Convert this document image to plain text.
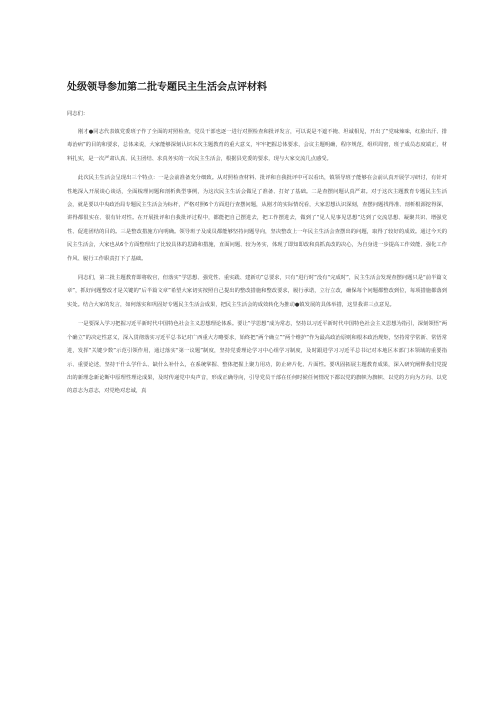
处级领导参加第二批专题民主生活会点评材料

同志们：

刚才●同志代表镇党委班子作了全面的对照检查，党员干部也逐一进行对照检查和批评发言，可以说是不遮不掩、坦诚相见，开出了“党味辣味，红脸出汗、排毒治病”的目的和要求，总体来说，大家能够深刻认识本次主题教育的重大意义，牢牢把握总体要求，会议主题明确，程序规范，组织周密，班子成员态度端正，材料扎实，是一次严肃认真、民主团结、求真务实的一次民主生活会，根据县党委的要求，现与大家交流几点感受。

此次民主生活会呈现出三个特点：一是会前准备充分细致。从对照检查材料、批评和自我批评中可以看出，镇领导班子能够在会前认真开展学习研讨，有针对性地深入开展谈心谈话，全面梳理问题和剖析典型事例，为这次民主生活会做足了准备、打好了基础。二是查摆问题认真严肃。对于这次主题教育专题民主生活会，就是要以中央政治局专题民主生活会为标杆，严格对照6个方面进行查摆问题，从刚才的实际情况看，大家思想认识深刻，查摆问题找得准、剖析根源挖得深，讲得都很实在、很有针对性。在开展批评和自我批评过程中，都能把自己摆进去，把工作摆进去，做到了“见人见事见思想”达到了交流思想、凝聚共识、增强党性、促进团结的目的。三是整改措施方向明确。领导班子及成员都能够坚持问题导向，坚决整改上一年民主生活会查摆出的问题，取得了较好的成效。通过今天的民主生活会，大家也从6个方面整理出了比较具体的思路和措施，直面问题、较为务实，体现了即知即改和真抓真改的决心，为自身进一步提高工作效能、强化工作作风、履行工作职责打下了基础。

同志们，第二批主题教育即将收官，但落实“学思想、强党性、重实践、建新功”总要求，只有“进行时”没有“完成时”，民主生活会发现查摆问题只是“前半篇文章”，抓好问题整改才是关键的“后半篇文章”希望大家切实按照自己提出的整改措施和整改要求，履行承诺，立行立改，确保每个问题都整改到位，每项措施都落到实处。结合大家的发言，如何落实和巩固好专题民主生活会成果，把民主生活会的成效转化为推动●镇发展的具体举措，这里我讲三点意见。

一是要深入学习把握习近平新时代中国特色社会主义思想理论体系。要让“学思想”成为常态，坚持以习近平新时代中国特色社会主义思想为指引，深刻领悟“两个确立”的决定性意义，深入贯彻落实习近平总书记对广西重大方略要求，始终把“两个确立”“两个维护”作为最高政治原则和根本政治规矩，坚持常学常新、常悟常进，发挥“关键少数”示范引领作用，通过落实“第一议题”制度，坚持党委理论学习中心组学习制度，及时跟进学习习近平总书记对本地区本部门本领域的重要指示、重要论述，坚持干什么学什么、缺什么补什么，在系统掌握、整体把握上聚力用功，防止碎片化、片面性。要巩固拓展主题教育成果，深入研究阐释我们党提出的新理念新论断中原理性理论成果，及时传递党中央声音，形成正确导向，引导党员干部在任何时候任何情况下都以党的旗帜为旗帜、以党的方向为方向、以党的意志为意志，对党绝对忠诚，真
